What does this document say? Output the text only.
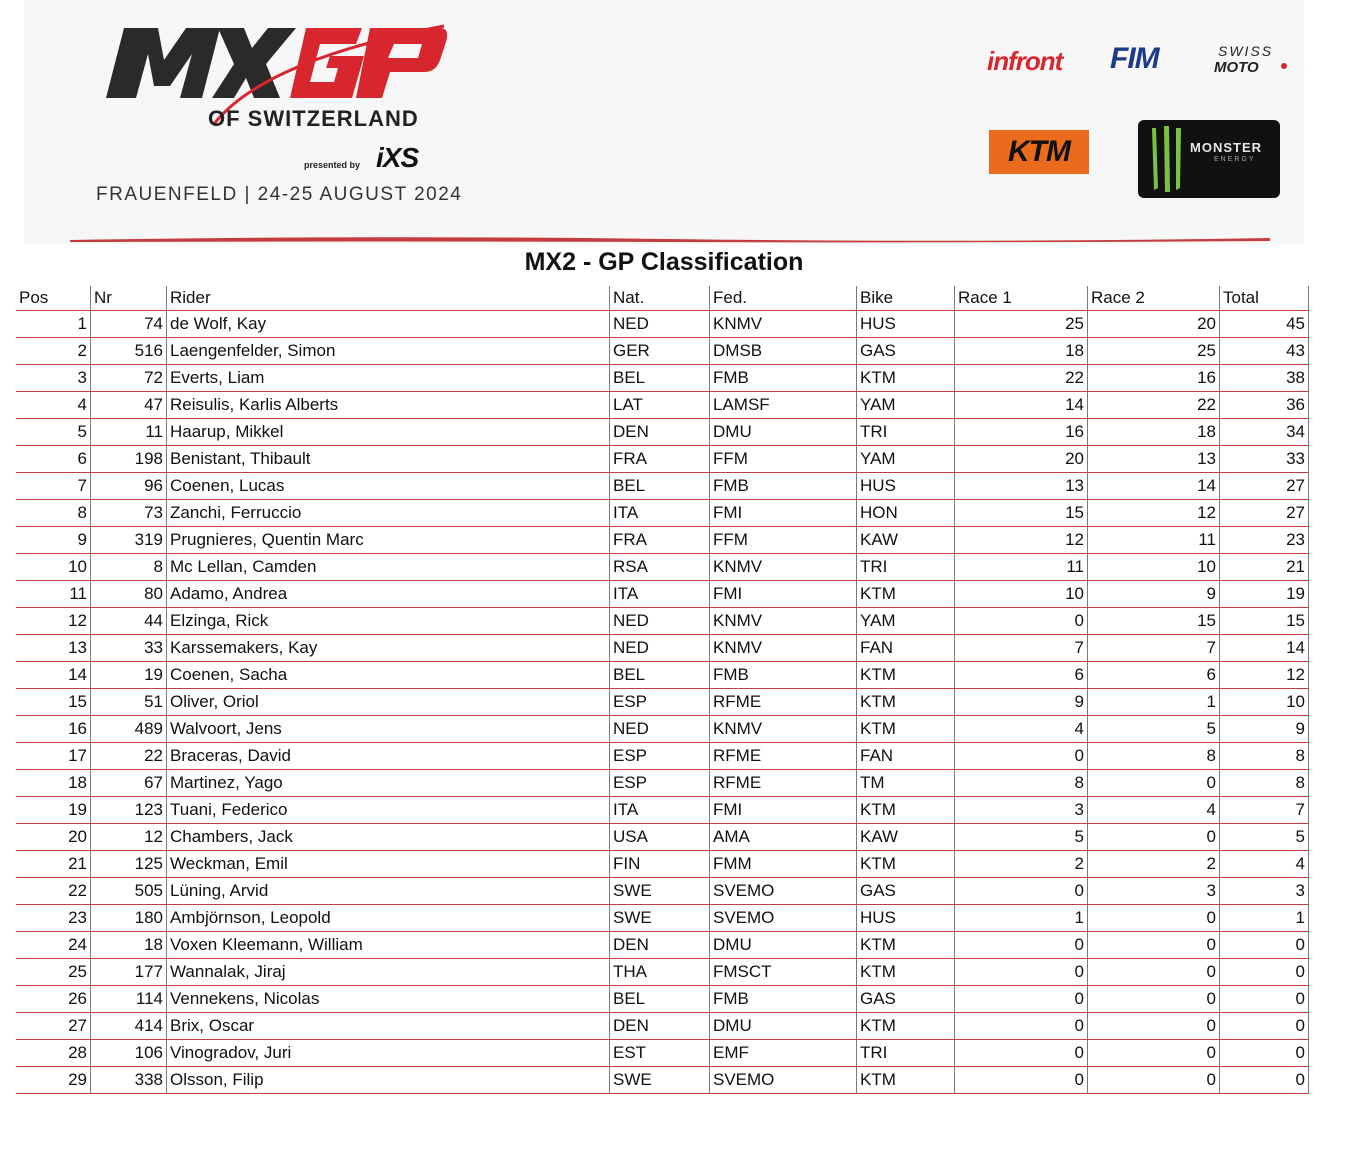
OF SWITZERLAND
presented by iXS
FRAUENFELD | 24-25 AUGUST 2024
infront FIM	SWISS
MOTO
KTM	MONSTER
ENERGY
MX2 - GP Classification
Pos	Nr	Rider	Nat.	Fed.	Bike	Race 1	Race 2	Total
1	74	de Wolf, Kay	NED	KNMV	HUS	25	20	45
2	516	Laengenfelder, Simon	GER	DMSB	GAS	18	25	43
3	72	Everts, Liam	BEL	FMB	KTM	22	16	38
4	47	Reisulis, Karlis Alberts	LAT	LAMSF	YAM	14	22	36
5	11	Haarup, Mikkel	DEN	DMU	TRI	16	18	34
6	198	Benistant, Thibault	FRA	FFM	YAM	20	13	33
7	96	Coenen, Lucas	BEL	FMB	HUS	13	14	27
8	73	Zanchi, Ferruccio	ITA	FMI	HON	15	12	27
9	319	Prugnieres, Quentin Marc	FRA	FFM	KAW	12	11	23
10	8	Mc Lellan, Camden	RSA	KNMV	TRI	11	10	21
11	80	Adamo, Andrea	ITA	FMI	KTM	10	9	19
12	44	Elzinga, Rick	NED	KNMV	YAM	0	15	15
13	33	Karssemakers, Kay	NED	KNMV	FAN	7	7	14
14	19	Coenen, Sacha	BEL	FMB	KTM	6	6	12
15	51	Oliver, Oriol	ESP	RFME	KTM	9	1	10
16	489	Walvoort, Jens	NED	KNMV	KTM	4	5	9
17	22	Braceras, David	ESP	RFME	FAN	0	8	8
18	67	Martinez, Yago	ESP	RFME	TM	8	0	8
19	123	Tuani, Federico	ITA	FMI	KTM	3	4	7
20	12	Chambers, Jack	USA	AMA	KAW	5	0	5
21	125	Weckman, Emil	FIN	FMM	KTM	2	2	4
22	505	Lüning, Arvid	SWE	SVEMO	GAS	0	3	3
23	180	Ambjörnson, Leopold	SWE	SVEMO	HUS	1	0	1
24	18	Voxen Kleemann, William	DEN	DMU	KTM	0	0	0
25	177	Wannalak, Jiraj	THA	FMSCT	KTM	0	0	0
26	114	Vennekens, Nicolas	BEL	FMB	GAS	0	0	0
27	414	Brix, Oscar	DEN	DMU	KTM	0	0	0
28	106	Vinogradov, Juri	EST	EMF	TRI	0	0	0
29	338	Olsson, Filip	SWE	SVEMO	KTM	0	0	0
